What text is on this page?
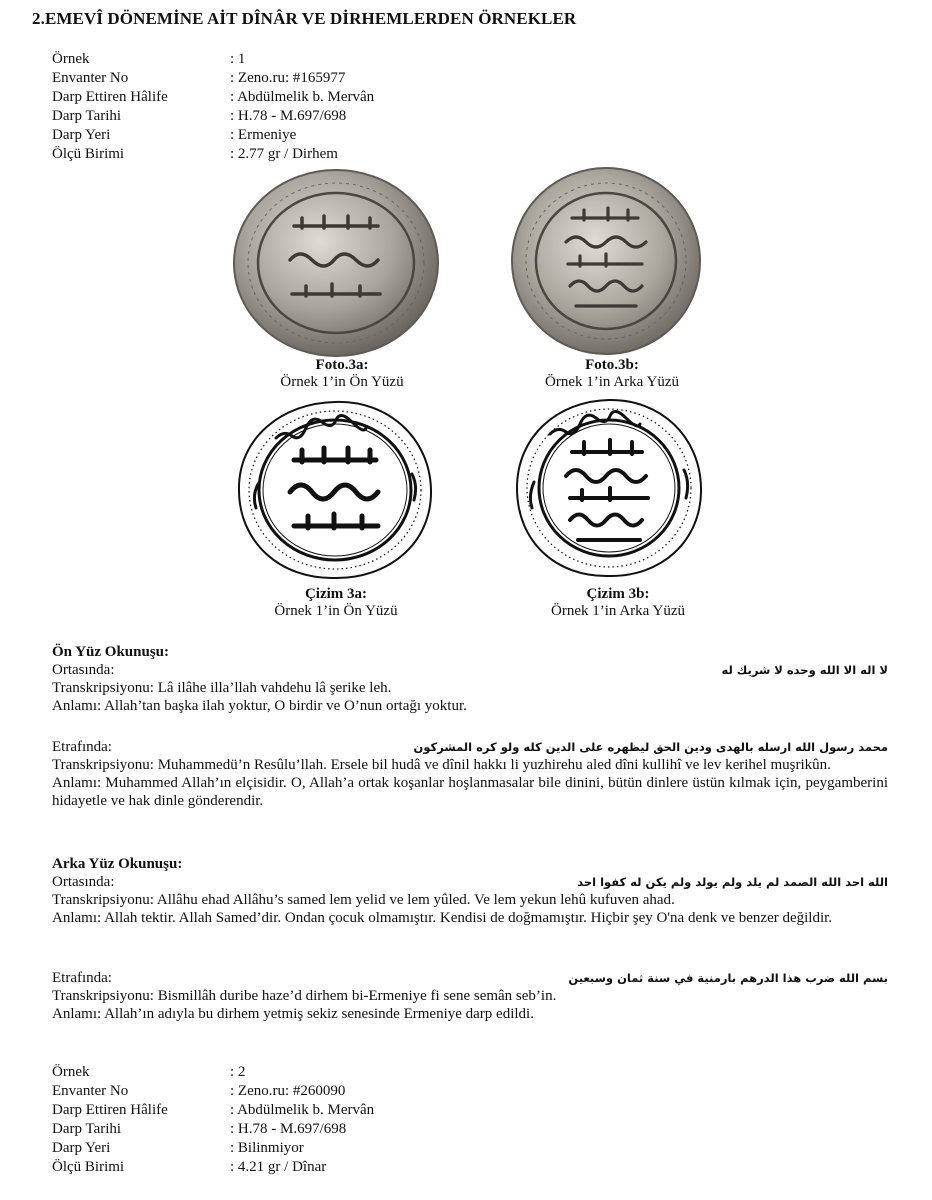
2.EMEVÎ DÖNEMİNE AİT DÎNÂR VE DİRHEMLERDEN ÖRNEKLER
Örnek	: 1
Envanter No	: Zeno.ru: #165977
Darp Ettiren Hâlife	: Abdülmelik b. Mervân
Darp Tarihi	: H.78 - M.697/698
Darp Yeri	: Ermeniye
Ölçü Birimi	: 2.77 gr / Dirhem
Foto.3a:
Örnek 1’in Ön Yüzü
Foto.3b:
Örnek 1’in Arka Yüzü
Çizim 3a:
Örnek 1’in Ön Yüzü
Çizim 3b:
Örnek 1’in Arka Yüzü
Ön Yüz Okunuşu:
Ortasında:	لا اله الا الله وحده لا شريك له
Transkripsiyonu: Lâ ilâhe illa’llah vahdehu lâ şerike leh.
Anlamı: Allah’tan başka ilah yoktur, O birdir ve O’nun ortağı yoktur.
Etrafında:	محمد رسول الله ارسله بالهدى ودين الحق ليظهره على الدين كله ولو كره المشركون
Transkripsiyonu: Muhammedü’n Resûlu’llah. Ersele bil hudâ ve dînil hakkı li yuzhirehu aled dîni kullihî ve lev kerihel muşrikûn.
Anlamı: Muhammed Allah’ın elçisidir. O, Allah’a ortak koşanlar hoşlanmasalar bile dinini, bütün dinlere üstün kılmak için, peygamberini hidayetle ve hak dinle gönderendir.
Arka Yüz Okunuşu:
Ortasında:	الله احد الله الصمد لم يلد ولم يولد ولم يكن له كفوا احد
Transkripsiyonu: Allâhu ehad Allâhu’s samed lem yelid ve lem yûled. Ve lem yekun lehû kufuven ahad.
Anlamı: Allah tektir. Allah Samed’dir. Ondan çocuk olmamıştır. Kendisi de doğmamıştır. Hiçbir şey O'na denk ve benzer değildir.
Etrafında:	بسم الله ضرب هذا الدرهم بارمنية في سنة ثمان وسبعين
Transkripsiyonu: Bismillâh duribe haze’d dirhem bi-Ermeniye fi sene semân seb’in.
Anlamı: Allah’ın adıyla bu dirhem yetmiş sekiz senesinde Ermeniye darp edildi.
Örnek	: 2
Envanter No	: Zeno.ru: #260090
Darp Ettiren Hâlife	: Abdülmelik b. Mervân
Darp Tarihi	: H.78 - M.697/698
Darp Yeri	: Bilinmiyor
Ölçü Birimi	: 4.21 gr / Dînar
